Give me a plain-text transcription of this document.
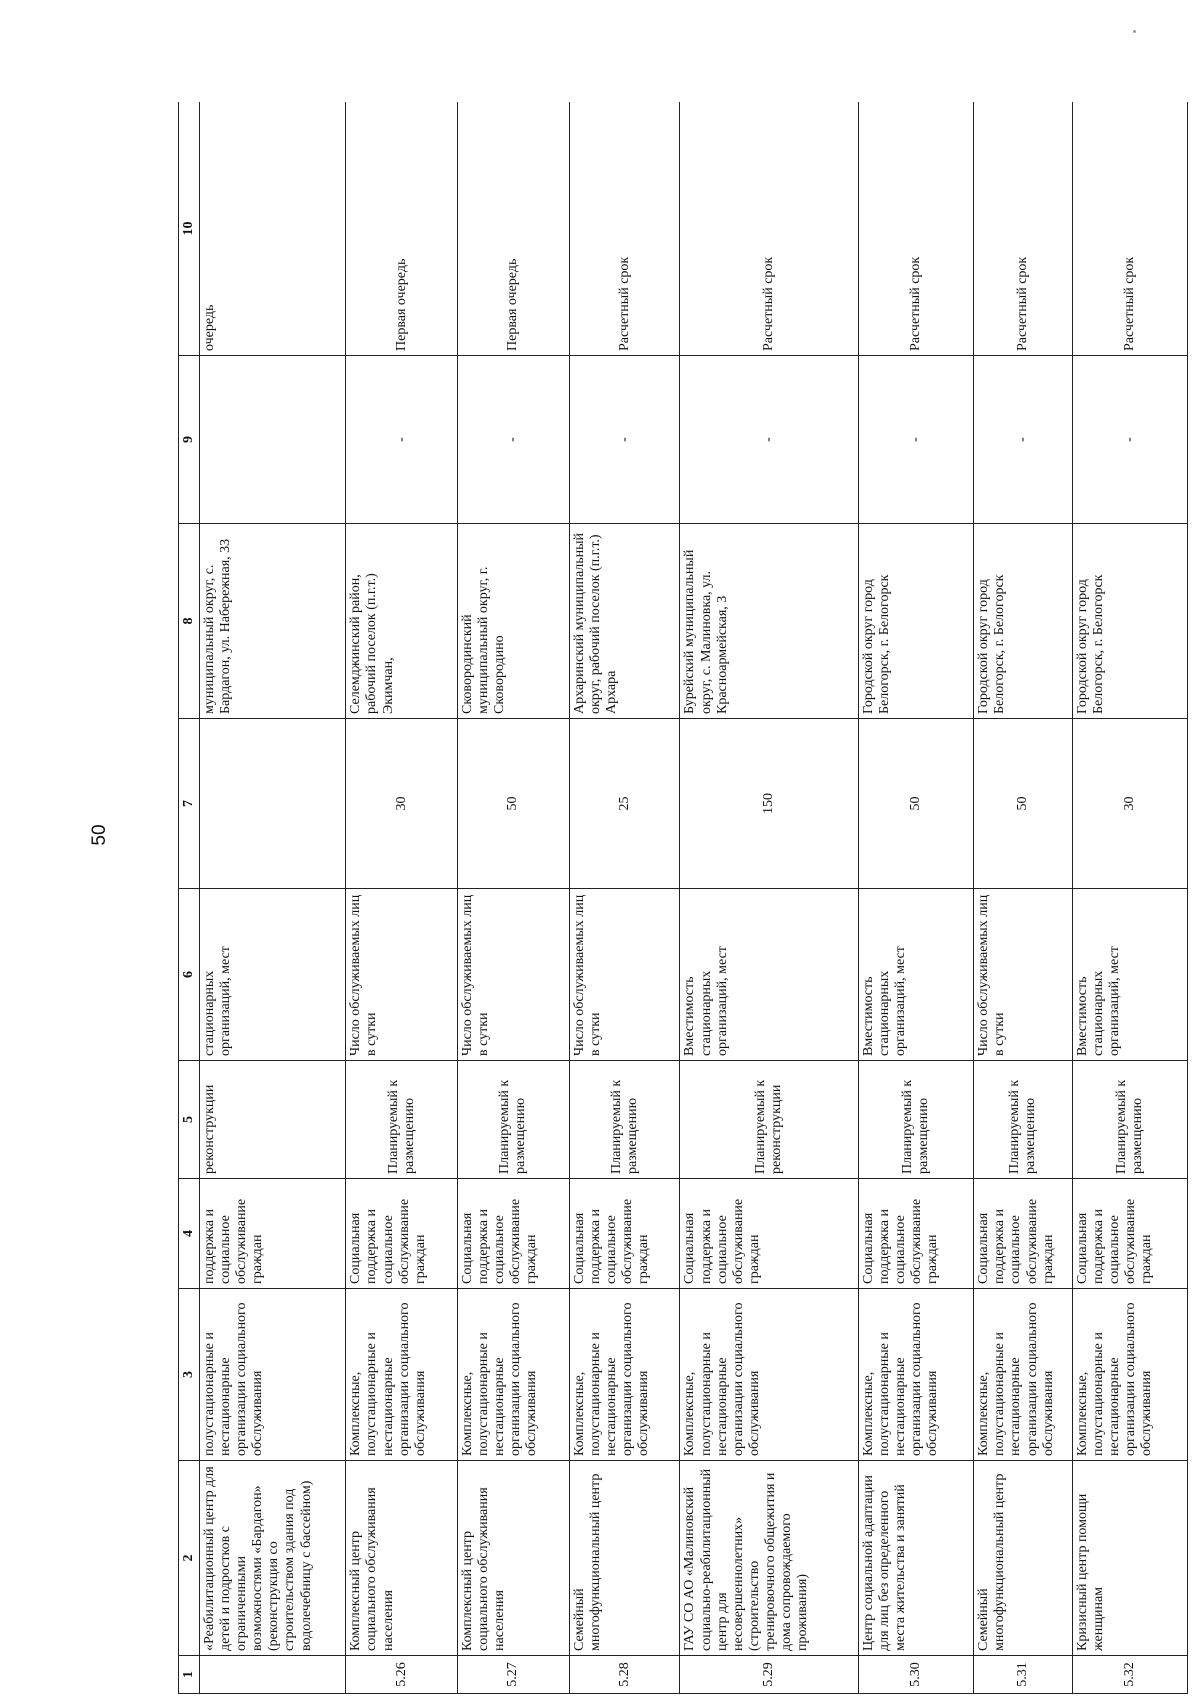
50
1	2	3	4	5	6	7	8	9	10
	«Реабилитационный центр для детей и подростков с ограниченными возможностями «Бардагон» (реконструкция со строительством здания под водолечебницу с бассейном)	полустационарные и нестационарные организации социального обслуживания	поддержка и социальное обслуживание граждан	реконструкции	стационарных организаций, мест		муниципальный округ, с. Бардагон, ул. Набережная, 33		очередь
5.26	Комплексный центр социального обслуживания населения	Комплексные, полустационарные и нестационарные организации социального обслуживания	Социальная поддержка и социальное обслуживание граждан	Планируемый к размещению	Число обслуживаемых лиц в сутки	30	Селемджинский район, рабочий поселок (п.г.т.) Экимчан,	-	Первая очередь
5.27	Комплексный центр социального обслуживания населения	Комплексные, полустационарные и нестационарные организации социального обслуживания	Социальная поддержка и социальное обслуживание граждан	Планируемый к размещению	Число обслуживаемых лиц в сутки	50	Сковородинский муниципальный округ, г. Сковородино	-	Первая очередь
5.28	Семейный многофункциональный центр	Комплексные, полустационарные и нестационарные организации социального обслуживания	Социальная поддержка и социальное обслуживание граждан	Планируемый к размещению	Число обслуживаемых лиц в сутки	25	Архаринский муниципальный округ, рабочий поселок (п.г.т.) Архара	-	Расчетный срок
5.29	ГАУ СО АО «Малиновский социально-реабилитационный центр для несовершеннолетних» (строительство тренировочного общежития и дома сопровождаемого проживания)	Комплексные, полустационарные и нестационарные организации социального обслуживания	Социальная поддержка и социальное обслуживание граждан	Планируемый к реконструкции	Вместимость стационарных организаций, мест	150	Бурейский муниципальный округ, с. Малиновка, ул. Красноармейская, 3	-	Расчетный срок
5.30	Центр социальной адаптации для лиц без определенного места жительства и занятий	Комплексные, полустационарные и нестационарные организации социального обслуживания	Социальная поддержка и социальное обслуживание граждан	Планируемый к размещению	Вместимость стационарных организаций, мест	50	Городской округ город Белогорск, г. Белогорск	-	Расчетный срок
5.31	Семейный многофункциональный центр	Комплексные, полустационарные и нестационарные организации социального обслуживания	Социальная поддержка и социальное обслуживание граждан	Планируемый к размещению	Число обслуживаемых лиц в сутки	50	Городской округ город Белогорск, г. Белогорск	-	Расчетный срок
5.32	Кризисный центр помощи женщинам	Комплексные, полустационарные и нестационарные организации социального обслуживания	Социальная поддержка и социальное обслуживание граждан	Планируемый к размещению	Вместимость стационарных организаций, мест	30	Городской округ город Белогорск, г. Белогорск	-	Расчетный срок
